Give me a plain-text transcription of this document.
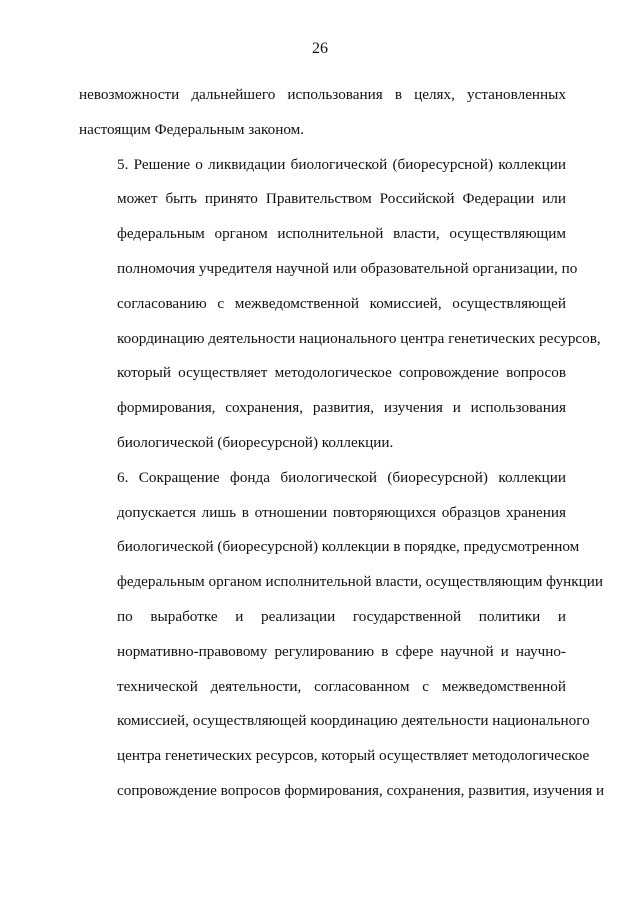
26
невозможности дальнейшего использования в целях, установленных
настоящим Федеральным законом.
5. Решение о ликвидации биологической (биоресурсной) коллекции
может быть принято Правительством Российской Федерации или
федеральным органом исполнительной власти, осуществляющим
полномочия учредителя научной или образовательной организации, по
согласованию с межведомственной комиссией, осуществляющей
координацию деятельности национального центра генетических ресурсов,
который осуществляет методологическое сопровождение вопросов
формирования, сохранения, развития, изучения и использования
биологической (биоресурсной) коллекции.
6. Сокращение фонда биологической (биоресурсной) коллекции
допускается лишь в отношении повторяющихся образцов хранения
биологической (биоресурсной) коллекции в порядке, предусмотренном
федеральным органом исполнительной власти, осуществляющим функции
по выработке и реализации государственной политики и
нормативно-правовому регулированию в сфере научной и научно-
технической деятельности, согласованном с межведомственной
комиссией, осуществляющей координацию деятельности национального
центра генетических ресурсов, который осуществляет методологическое
сопровождение вопросов формирования, сохранения, развития, изучения и
